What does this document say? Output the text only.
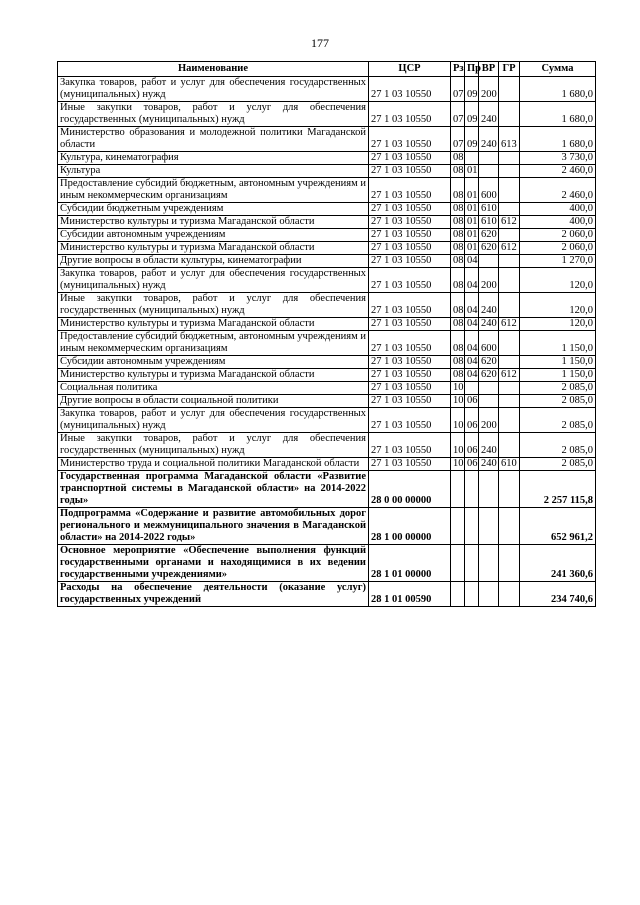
177
Наименование	ЦСР	Рз	Пр	ВР	ГР	Сумма
Закупка товаров, работ и услуг для обеспечения государственных (муниципальных) нужд	27 1 03 10550	07	09	200		1 680,0
Иные закупки товаров, работ и услуг для обеспечения государственных (муниципальных) нужд	27 1 03 10550	07	09	240		1 680,0
Министерство образования и молодежной политики Магаданской области	27 1 03 10550	07	09	240	613	1 680,0
Культура, кинематография	27 1 03 10550	08				3 730,0
Культура	27 1 03 10550	08	01			2 460,0
Предоставление субсидий бюджетным, автономным учреждениям и иным некоммерческим организациям	27 1 03 10550	08	01	600		2 460,0
Субсидии бюджетным учреждениям	27 1 03 10550	08	01	610		400,0
Министерство культуры и туризма Магаданской области	27 1 03 10550	08	01	610	612	400,0
Субсидии автономным учреждениям	27 1 03 10550	08	01	620		2 060,0
Министерство культуры и туризма Магаданской области	27 1 03 10550	08	01	620	612	2 060,0
Другие вопросы в области культуры, кинематографии	27 1 03 10550	08	04			1 270,0
Закупка товаров, работ и услуг для обеспечения государственных (муниципальных) нужд	27 1 03 10550	08	04	200		120,0
Иные закупки товаров, работ и услуг для обеспечения государственных (муниципальных) нужд	27 1 03 10550	08	04	240		120,0
Министерство культуры и туризма Магаданской области	27 1 03 10550	08	04	240	612	120,0
Предоставление субсидий бюджетным, автономным учреждениям и иным некоммерческим организациям	27 1 03 10550	08	04	600		1 150,0
Субсидии автономным учреждениям	27 1 03 10550	08	04	620		1 150,0
Министерство культуры и туризма Магаданской области	27 1 03 10550	08	04	620	612	1 150,0
Социальная политика	27 1 03 10550	10				2 085,0
Другие вопросы в области социальной политики	27 1 03 10550	10	06			2 085,0
Закупка товаров, работ и услуг для обеспечения государственных (муниципальных) нужд	27 1 03 10550	10	06	200		2 085,0
Иные закупки товаров, работ и услуг для обеспечения государственных (муниципальных) нужд	27 1 03 10550	10	06	240		2 085,0
Министерство труда и социальной политики Магаданской области	27 1 03 10550	10	06	240	610	2 085,0
Государственная программа Магаданской области «Развитие транспортной системы в Магаданской области» на 2014-2022 годы»	28 0 00 00000					2 257 115,8
Подпрограмма «Содержание и развитие автомобильных дорог регионального и межмуниципального значения в Магаданской области» на 2014-2022 годы»	28 1 00 00000					652 961,2
Основное мероприятие «Обеспечение выполнения функций государственными органами и находящимися в их ведении государственными учреждениями»	28 1 01 00000					241 360,6
Расходы на обеспечение деятельности (оказание услуг) государственных учреждений	28 1 01 00590					234 740,6
